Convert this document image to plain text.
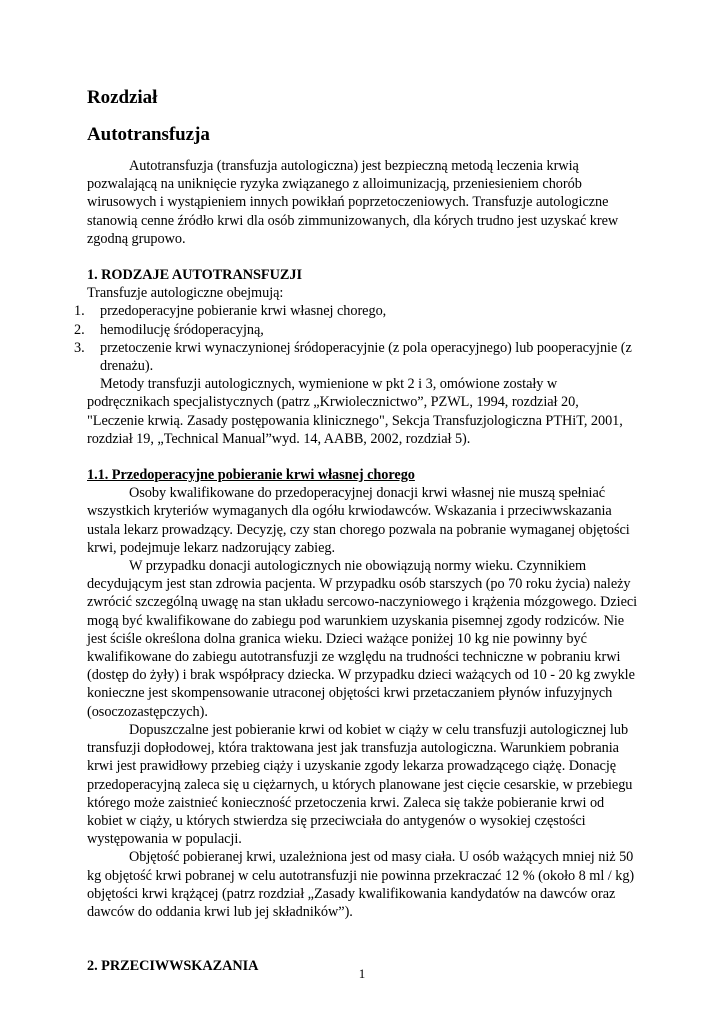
Rozdział
Autotransfuzja

Autotransfuzja (transfuzja autologiczna) jest bezpieczną metodą leczenia krwią pozwalającą na uniknięcie ryzyka związanego z alloimunizacją, przeniesieniem chorób wirusowych i wystąpieniem innych powikłań poprzetoczeniowych. Transfuzje autologiczne stanowią cenne źródło krwi dla osób zimmunizowanych, dla kórych trudno jest uzyskać krew zgodną grupowo.

1. RODZAJE AUTOTRANSFUZJI

Transfuzje autologiczne obejmują:

1.	przedoperacyjne pobieranie krwi własnej chorego,
2.	hemodilucję śródoperacyjną,
3.	przetoczenie krwi wynaczynionej śródoperacyjnie (z pola operacyjnego) lub pooperacyjnie (z drenażu).

Metody transfuzji autologicznych, wymienione w pkt 2 i 3, omówione zostały w podręcznikach specjalistycznych (patrz „Krwiolecznictwo”, PZWL, 1994, rozdział 20, "Leczenie krwią. Zasady postępowania klinicznego", Sekcja Transfuzjologiczna PTHiT, 2001, rozdział 19, „Technical Manual”wyd. 14, AABB, 2002, rozdział 5).

1.1. Przedoperacyjne pobieranie krwi własnej chorego

Osoby kwalifikowane do przedoperacyjnej donacji krwi własnej nie muszą spełniać wszystkich kryteriów wymaganych dla ogółu krwiodawców. Wskazania i przeciwwskazania ustala lekarz prowadzący. Decyzję, czy stan chorego pozwala na pobranie wymaganej objętości krwi, podejmuje lekarz nadzorujący zabieg.

W przypadku donacji autologicznych nie obowiązują normy wieku. Czynnikiem decydującym jest stan zdrowia pacjenta. W przypadku osób starszych (po 70 roku życia) należy zwrócić szczególną uwagę na stan układu sercowo-naczyniowego i krążenia mózgowego. Dzieci mogą być kwalifikowane do zabiegu pod warunkiem uzyskania pisemnej zgody rodziców. Nie jest ściśle określona dolna granica wieku. Dzieci ważące poniżej 10 kg nie powinny być kwalifikowane do zabiegu autotransfuzji ze względu na trudności techniczne w pobraniu krwi (dostęp do żyły) i brak współpracy dziecka. W przypadku dzieci ważących od 10 - 20 kg zwykle konieczne jest skompensowanie utraconej objętości krwi przetaczaniem płynów infuzyjnych (osoczozastępczych).

Dopuszczalne jest pobieranie krwi od kobiet w ciąży w celu transfuzji autologicznej lub transfuzji dopłodowej, która traktowana jest jak transfuzja autologiczna. Warunkiem pobrania krwi jest prawidłowy przebieg ciąży i uzyskanie zgody lekarza prowadzącego ciążę. Donację przedoperacyjną zaleca się u ciężarnych, u których planowane jest cięcie cesarskie, w przebiegu którego może zaistnieć konieczność przetoczenia krwi. Zaleca się także pobieranie krwi od kobiet w ciąży, u których stwierdza się przeciwciała do antygenów o wysokiej częstości występowania w populacji.

Objętość pobieranej krwi, uzależniona jest od masy ciała. U osób ważących mniej niż 50 kg objętość krwi pobranej w celu autotransfuzji nie powinna przekraczać 12 % (około 8 ml / kg) objętości krwi krążącej (patrz rozdział „Zasady kwalifikowania kandydatów na dawców oraz dawców do oddania krwi lub jej składników”).

2. PRZECIWWSKAZANIA	1
